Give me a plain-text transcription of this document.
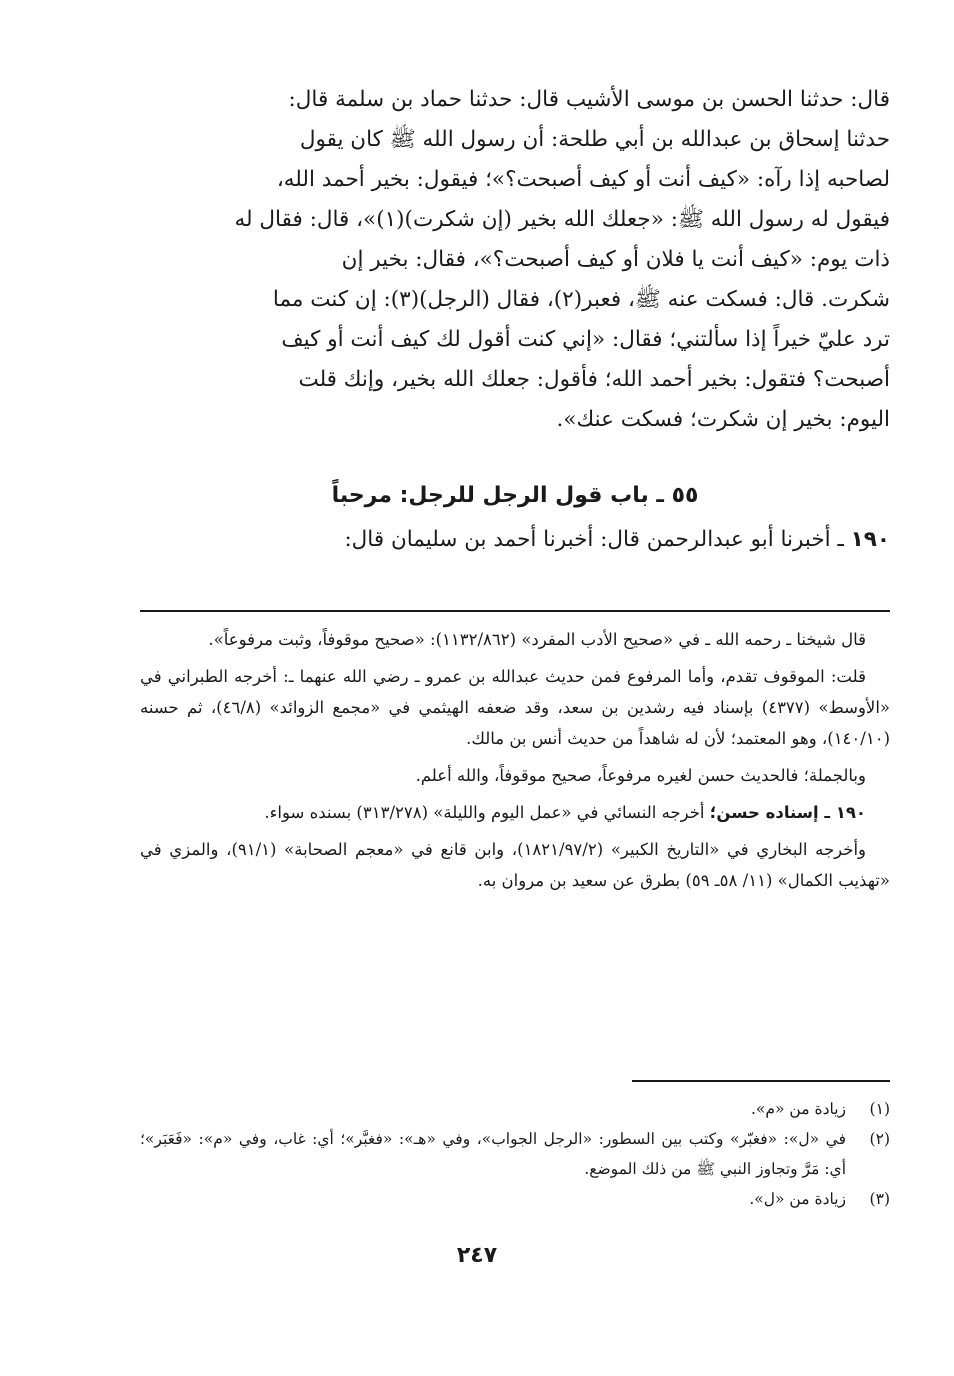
قال: حدثنا الحسن بن موسى الأشيب قال: حدثنا حماد بن سلمة قال:

حدثنا إسحاق بن عبدالله بن أبي طلحة: أن رسول الله ﷺ كان يقول

لصاحبه إذا رآه: «كيف أنت أو كيف أصبحت؟»؛ فيقول: بخير أحمد الله،

فيقول له رسول الله ﷺ: «جعلك الله بخير (إن شكرت)(١)»، قال: فقال له

ذات يوم: «كيف أنت يا فلان أو كيف أصبحت؟»، فقال: بخير إن

شكرت. قال: فسكت عنه ﷺ، فعبر(٢)، فقال (الرجل)(٣): إن كنت مما

ترد عليّ خيراً إذا سألتني؛ فقال: «إني كنت أقول لك كيف أنت أو كيف

أصبحت؟ فتقول: بخير أحمد الله؛ فأقول: جعلك الله بخير، وإنك قلت

اليوم: بخير إن شكرت؛ فسكت عنك».

٥٥ ـ باب قول الرجل للرجل: مرحباً

١٩٠ ـ أخبرنا أبو عبدالرحمن قال: أخبرنا أحمد بن سليمان قال:

قال شيخنا ـ رحمه الله ـ في «صحيح الأدب المفرد» (١١٣٢/٨٦٢): «صحيح موقوفاً، وثبت مرفوعاً».

قلت: الموقوف تقدم، وأما المرفوع فمن حديث عبدالله بن عمرو ـ رضي الله عنهما ـ: أخرجه الطبراني في «الأوسط» (٤٣٧٧) بإسناد فيه رشدين بن سعد، وقد ضعفه الهيثمي في «مجمع الزوائد» (٤٦/٨)، ثم حسنه (١٤٠/١٠)، وهو المعتمد؛ لأن له شاهداً من حديث أنس بن مالك.

وبالجملة؛ فالحديث حسن لغيره مرفوعاً، صحيح موقوفاً، والله أعلم.

١٩٠ ـ إسناده حسن؛ أخرجه النسائي في «عمل اليوم والليلة» (٣١٣/٢٧٨) بسنده سواء.

وأخرجه البخاري في «التاريخ الكبير» (١٨٢١/٩٧/٢)، وابن قانع في «معجم الصحابة» (٩١/١)، والمزي في «تهذيب الكمال» (١١/ ٥٨ـ ٥٩) بطرق عن سعيد بن مروان به.

(١)
زيادة من «م».
(٢)
في «ل»: «فغبّر» وكتب بين السطور: «الرجل الجواب»، وفي «هـ»: «فغبَّر»؛ أي: غاب، وفي «م»: «فَعَبَر»؛ أي: مَرَّ وتجاوز النبي ﷺ من ذلك الموضع.
(٣)
زيادة من «ل».
٢٤٧
